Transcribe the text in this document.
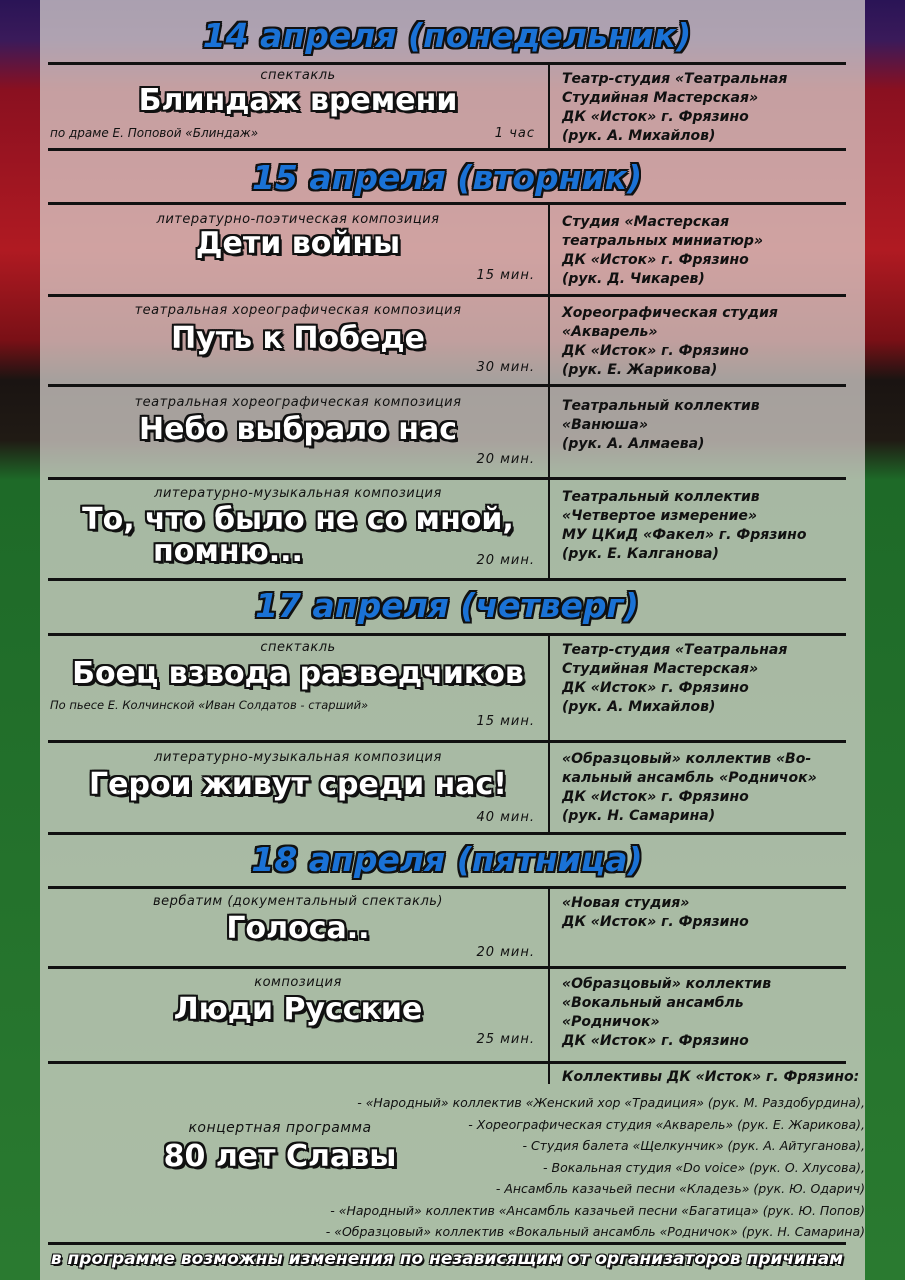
14 апреля (понедельник)
15 апреля (вторник)
17 апреля (четверг)
18 апреля (пятница)
спектакль
Блиндаж времени
по драме Е. Поповой «Блиндаж»	1 час
Театр-студия «Театральная
Студийная Мастерская»
ДК «Исток» г. Фрязино
(рук. А. Михайлов)
литературно-поэтическая композиция
Дети войны
15 мин.
Студия «Мастерская
театральных миниатюр»
ДК «Исток» г. Фрязино
(рук. Д. Чикарев)
театральная хореографическая композиция
Путь к Победе
30 мин.
Хореографическая студия
«Акварель»
ДК «Исток» г. Фрязино
(рук. Е. Жарикова)
театральная хореографическая композиция
Небо выбрало нас
20 мин.
Театральный коллектив
«Ванюша»
(рук. А. Алмаева)
литературно-музыкальная композиция
То, что было не со мной,
помню...	20 мин.
Театральный коллектив
«Четвертое измерение»
МУ ЦКиД «Факел» г. Фрязино
(рук. Е. Калганова)
спектакль
Боец взвода разведчиков
По пьесе Е. Колчинской «Иван Солдатов - старший»
15 мин.
Театр-студия «Театральная
Студийная Мастерская»
ДК «Исток» г. Фрязино
(рук. А. Михайлов)
литературно-музыкальная композиция
Герои живут среди нас!
40 мин.
«Образцовый» коллектив «Во-
кальный ансамбль «Родничок»
ДК «Исток» г. Фрязино
(рук. Н. Самарина)
вербатим (документальный спектакль)
Голоса..
20 мин.
«Новая студия»
ДК «Исток» г. Фрязино
композиция
Люди Русские
25 мин.
«Образцовый» коллектив
«Вокальный ансамбль
«Родничок»
ДК «Исток» г. Фрязино
Коллективы ДК «Исток» г. Фрязино:
концертная программа
80 лет Славы
- «Народный» коллектив «Женский хор «Традиция» (рук. М. Раздобурдина),
- Хореографическая студия «Акварель» (рук. Е. Жарикова),
- Студия балета «Щелкунчик» (рук. А. Айтуганова),
- Вокальная студия «Do voice» (рук. О. Хлусова),
- Ансамбль казачьей песни «Кладезь» (рук. Ю. Одарич)
- «Народный» коллектив «Ансамбль казачьей песни «Багатица» (рук. Ю. Попов)
- «Образцовый» коллектив «Вокальный ансамбль «Родничок» (рук. Н. Самарина)
в программе возможны изменения по независящим от организаторов причинам
